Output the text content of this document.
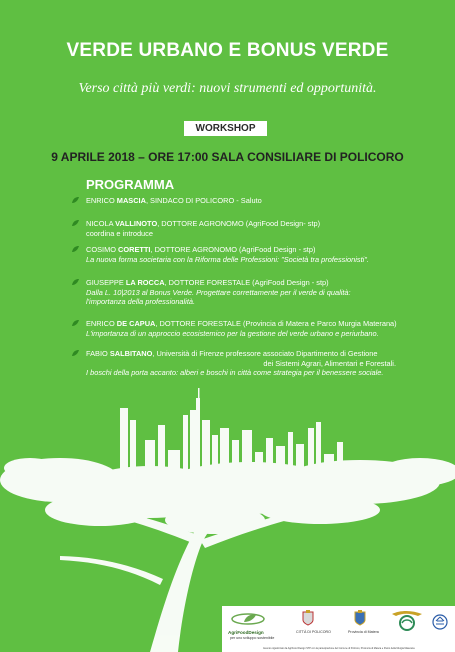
VERDE URBANO E BONUS VERDE
Verso città più verdi: nuovi strumenti ed opportunità.
WORKSHOP
9 APRILE 2018 – ORE 17:00 SALA CONSILIARE DI POLICORO
PROGRAMMA
ENRICO MASCIA, SINDACO DI POLICORO - Saluto
NICOLA VALLINOTO, DOTTORE AGRONOMO (AgriFood Design- stp)
coordina e introduce
COSIMO CORETTI, DOTTORE AGRONOMO (AgriFood Design - stp)
La nuova forma societaria con la Riforma delle Professioni: "Società tra professionisti".
GIUSEPPE LA ROCCA, DOTTORE FORESTALE (AgriFood Design - stp)
Dalla L. 10|2013 al Bonus Verde. Progettare correttamente per il verde di qualità: l'importanza della professionalità.
ENRICO DE CAPUA, DOTTORE FORESTALE (Provincia di Matera e Parco Murgia Materana)
L'importanza di un approccio ecosistemico per la gestione del verde urbano e periurbano.
FABIO SALBITANO, Università di Firenze professore associato Dipartimento di Gestione

dei Sistemi Agrari, Alimentari e Forestali.
I boschi della porta accanto: alberi e boschi in città come strategia per il benessere sociale.
AgriFoodDesign
per uno sviluppo sostenibile
CITTÀ DI POLICORO	Provincia di Matera
Evento organizzato da AgriFood Design STP con la partecipazione del Comune di Policoro, Provincia di Matera e Parco della Murgia Materana
